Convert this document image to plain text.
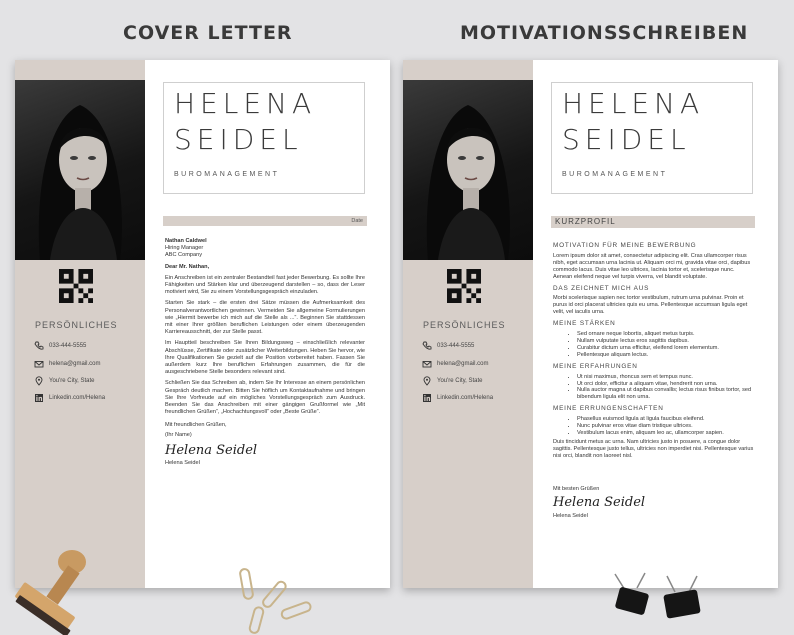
COVER LETTER	MOTIVATIONSSCHREIBEN
PERSÖNLICHES
033-444-5555
helena@gmail.com
You're City, State
Linkedin.com/Helena
HELENA
SEIDEL
BUROMANAGEMENT
Date

Nathan Caldwel

Hiring Manager

ABC Company

Dear Mr. Nathan,

Ein Anschreiben ist ein zentraler Bestandteil fast jeder Bewerbung. Es sollte Ihre Fähigkeiten und Stärken klar und überzeugend darstellen – so, dass der Leser motiviert wird, Sie zu einem Vorstellungsgespräch einzuladen.

Starten Sie stark – die ersten drei Sätze müssen die Aufmerksamkeit des Personalverantwortlichen gewinnen. Vermeiden Sie allgemeine Formulierungen wie „Hiermit bewerbe ich mich auf die Stelle als ...“. Beginnen Sie stattdessen mit einer Ihrer größten beruflichen Leistungen oder einem überzeugenden Karriereausschnitt, der zur Stelle passt.

Im Hauptteil beschreiben Sie Ihren Bildungsweg – einschließlich relevanter Abschlüsse, Zertifikate oder zusätzlicher Weiterbildungen. Heben Sie hervor, wie Ihre Qualifikationen Sie gezielt auf die Position vorbereitet haben. Fassen Sie außerdem kurz Ihre beruflichen Erfahrungen zusammen, die für die ausgeschriebene Stelle besonders relevant sind.

Schließen Sie das Schreiben ab, indem Sie Ihr Interesse an einem persönlichen Gespräch deutlich machen. Bitten Sie höflich um Kontaktaufnahme und bringen Sie Ihre Vorfreude auf ein mögliches Vorstellungsgespräch zum Ausdruck. Beenden Sie das Anschreiben mit einer gängigen Grußformel wie „Mit freundlichen Grüßen“, „Hochachtungsvoll“ oder „Beste Grüße“.

Mit freundlichen Grüßen,

(Ihr Name)

Helena Seidel

Helena Seidel

PERSÖNLICHES
033-444-5555
helena@gmail.com
You're City, State
Linkedin.com/Helena
HELENA
SEIDEL
BUROMANAGEMENT
KURZPROFIL
MOTIVATION FÜR MEINE BEWERBUNG

Lorem ipsum dolor sit amet, consectetur adipiscing elit. Cras ullamcorper risus nibh, eget accumsan urna lacinia ut. Aliquam orci mi, gravida vitae orci, dapibus commodo lacus. Duis vitae leo ultrices, lacinia tortor et, scelerisque nunc. Aenean eleifend neque vel turpis viverra, vel blandit voluptate.

DAS ZEICHNET MICH AUS

Morbi scelerisque sapien nec tortor vestibulum, rutrum urna pulvinar. Proin et purus id orci placerat ultricies quis eu urna. Pellentesque accumsan ligula eget velit, vel iaculis urna.

MEINE STÄRKEN
• Sed ornare neque lobortis, aliquet metus turpis.
• Nullam vulputate lectus eros sagittis dapibus.
• Curabitur dictum urna efficitur, eleifend lorem elementum.
• Pellentesque aliquam lectus.
MEINE ERFAHRUNGEN
• Ut nisi maximus, rhoncus sem et tempus nunc.
• Ut orci dolor, efficitur a aliquam vitae, hendrerit non urna.
• Nulla auctor magna ut dapibus convallis; lectus risus finibus tortor, sed bibendum ligula elit non urna.
MEINE ERRUNGENSCHAFTEN
• Phasellus euismod ligula at ligula faucibus eleifend.
• Nunc pulvinar eros vitae diam tristique ultrices.
• Vestibulum lacus enim, aliquam leo ac, ullamcorper sapien.

Duis tincidunt metus ac urna. Nam ultricies justo in posuere, a congue dolor sagittis. Pellentesque justo tellus, ultricies non imperdiet nisi. Pellentesque varius nisi orci, blandit non laoreet nisl.

Mit besten Grüßen

Helena Seidel

Helena Seidel
